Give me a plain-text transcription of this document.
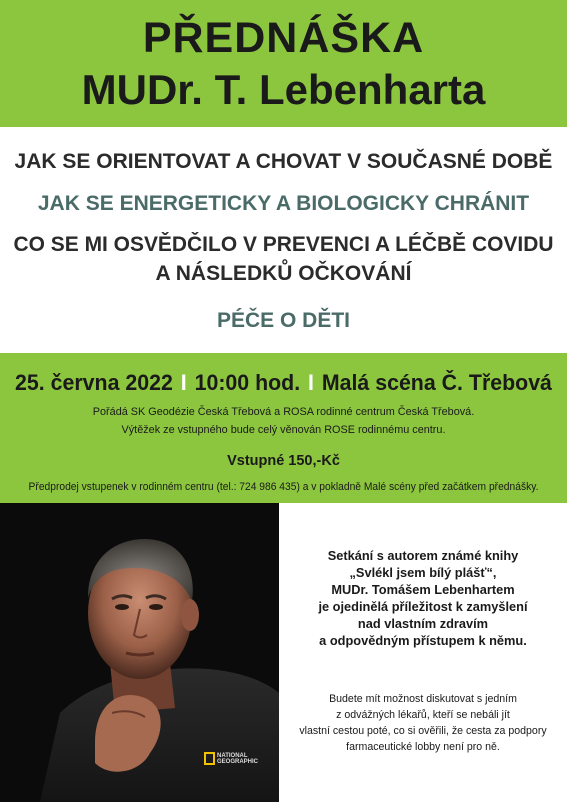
PŘEDNÁŠKA
MUDr. T. Lebenharta
JAK SE ORIENTOVAT A CHOVAT V SOUČASNÉ DOBĚ
JAK SE ENERGETICKY A BIOLOGICKY CHRÁNIT
CO SE MI OSVĚDČILO V PREVENCI A LÉČBĚ COVIDU
A NÁSLEDKŮ OČKOVÁNÍ
PÉČE O DĚTI
25. června 2022 I 10:00 hod. I Malá scéna Č. Třebová
Pořádá SK Geodézie Česká Třebová a ROSA rodinné centrum Česká Třebová.
Výtěžek ze vstupného bude celý věnován ROSE rodinnému centru.
Vstupné 150,-Kč
Předprodej vstupenek v rodinném centru (tel.: 724 986 435) a v pokladně Malé scény před začátkem přednášky.
NATIONAL
GEOGRAPHIC
Setkání s autorem známé knihy
„Svlékl jsem bílý plášť“,
MUDr. Tomášem Lebenhartem
je ojedinělá příležitost k zamyšlení
nad vlastním zdravím
a odpovědným přístupem k němu.
Budete mít možnost diskutovat s jedním
z odvážných lékařů, kteří se nebáli jít
vlastní cestou poté, co si ověřili, že cesta za podpory
farmaceutické lobby není pro ně.
